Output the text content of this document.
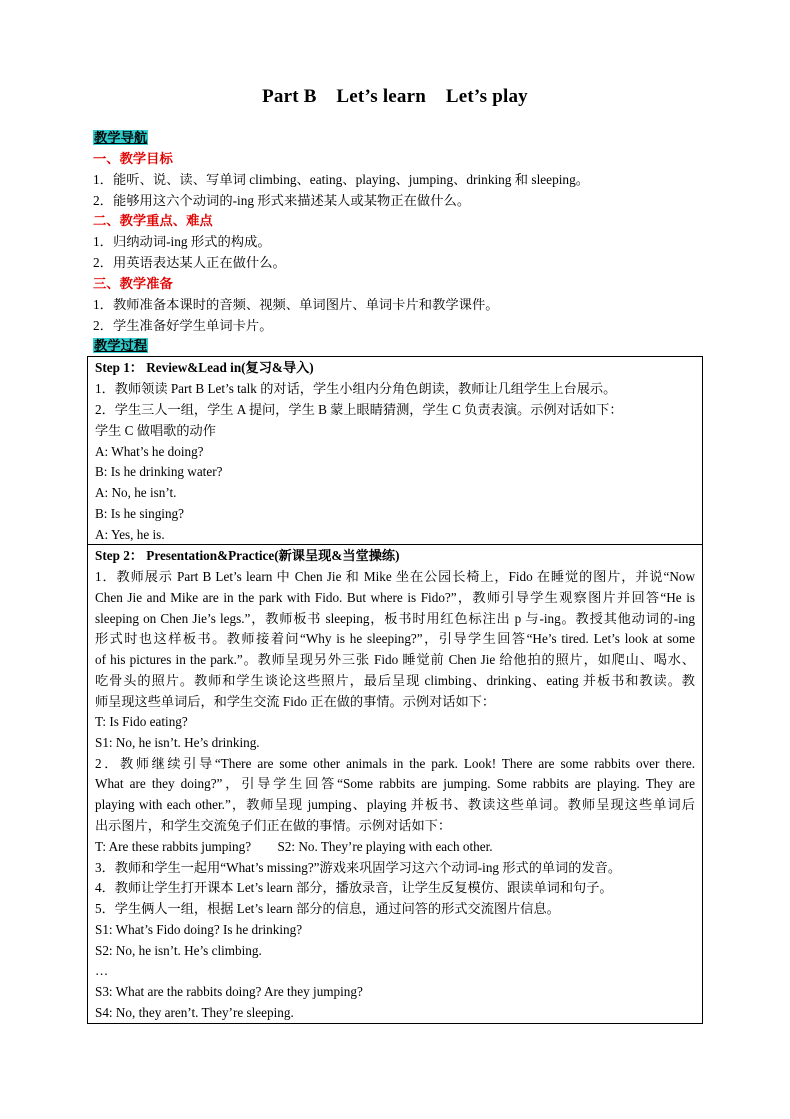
Part B    Let’s learn    Let’s play
教学导航
一、教学目标
1．能听、说、读、写单词 climbing、eating、playing、jumping、drinking 和 sleeping。
2．能够用这六个动词的-ing 形式来描述某人或某物正在做什么。
二、教学重点、难点
1．归纳动词-ing 形式的构成。
2．用英语表达某人正在做什么。
三、教学准备
1．教师准备本课时的音频、视频、单词图片、单词卡片和教学课件。
2．学生准备好学生单词卡片。
教学过程
Step 1： Review&Lead in(复习&导入)
1．教师领读 Part B Let’s talk 的对话，学生小组内分角色朗读，教师让几组学生上台展示。
2．学生三人一组，学生 A 提问，学生 B 蒙上眼睛猜测，学生 C 负责表演。示例对话如下：
学生 C 做唱歌的动作
A: What’s he doing?
B: Is he drinking water?
A: No, he isn’t.
B: Is he singing?
A: Yes, he is.
Step 2： Presentation&Practice(新课呈现&当堂操练)
1．教师展示 Part B Let’s learn 中 Chen Jie 和 Mike 坐在公园长椅上，Fido 在睡觉的图片，并说“Now
Chen Jie and Mike are in the park with Fido. But where is Fido?”，教师引导学生观察图片并回答“He is
sleeping on Chen Jie’s legs.”，教师板书 sleeping，板书时用红色标注出 p 与-ing。教授其他动词的-ing
形式时也这样板书。教师接着问“Why is he sleeping?”，引导学生回答“He’s tired. Let’s look at some
of his pictures in the park.”。教师呈现另外三张 Fido 睡觉前 Chen Jie 给他拍的照片，如爬山、喝水、
吃骨头的照片。教师和学生谈论这些照片，最后呈现 climbing、drinking、eating 并板书和教读。教
师呈现这些单词后，和学生交流 Fido 正在做的事情。示例对话如下：
T: Is Fido eating?
S1: No, he isn’t. He’s drinking.
2．教师继续引导“There are some other animals in the park. Look! There are some rabbits over there.
What are they doing?”，引导学生回答“Some rabbits are jumping. Some rabbits are playing. They are
playing with each other.”，教师呈现 jumping、playing 并板书、教读这些单词。教师呈现这些单词后
出示图片，和学生交流兔子们正在做的事情。示例对话如下：
T: Are these rabbits jumping?        S2: No. They’re playing with each other.
3．教师和学生一起用“What’s missing?”游戏来巩固学习这六个动词-ing 形式的单词的发音。
4．教师让学生打开课本 Let’s learn 部分，播放录音，让学生反复模仿、跟读单词和句子。
5．学生俩人一组，根据 Let’s learn 部分的信息，通过问答的形式交流图片信息。
S1: What’s Fido doing? Is he drinking?
S2: No, he isn’t. He’s climbing.
…
S3: What are the rabbits doing? Are they jumping?
S4: No, they aren’t. They’re sleeping.
